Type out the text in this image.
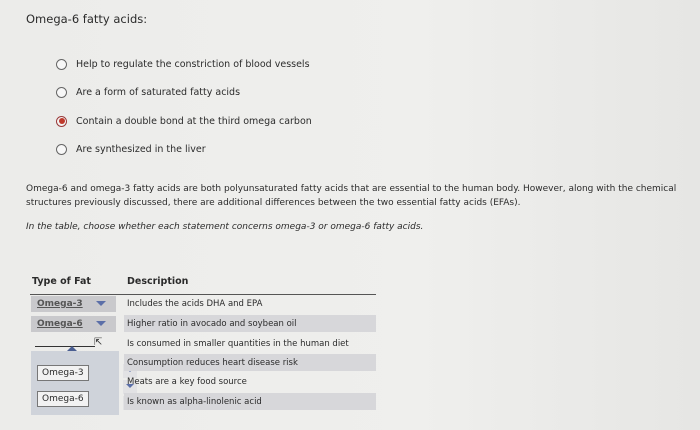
Omega-6 fatty acids:
Help to regulate the constriction of blood vessels
Are a form of saturated fatty acids
Contain a double bond at the third omega carbon
Are synthesized in the liver
Omega-6 and omega-3 fatty acids are both polyunsaturated fatty acids that are essential to the human body. However, along with the chemical
structures previously discussed, there are additional differences between the two essential fatty acids (EFAs).
In the table, choose whether each statement concerns omega-3 or omega-6 fatty acids.
Type of Fat	Description
Omega-3
Omega-6
⇱
Omega-3
Omega-6
Includes the acids DHA and EPA
Higher ratio in avocado and soybean oil
Is consumed in smaller quantities in the human diet
Consumption reduces heart disease risk
Meats are a key food source
Is known as alpha-linolenic acid
